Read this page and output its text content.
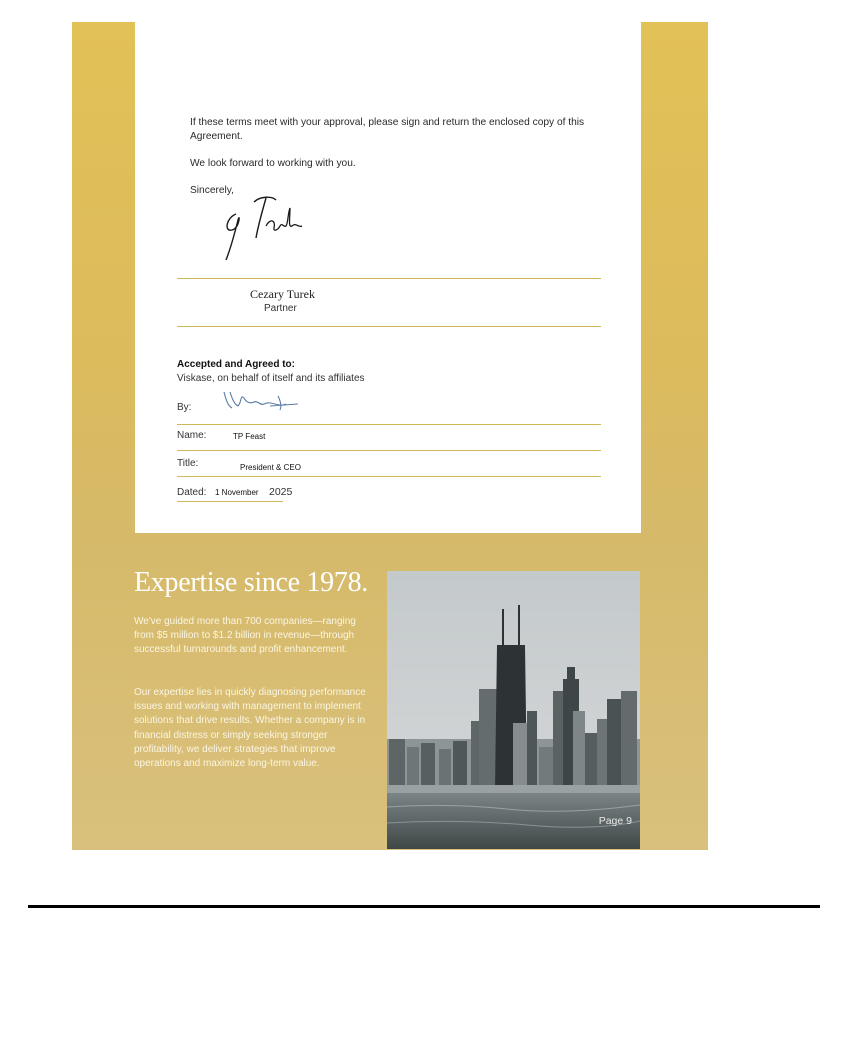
If these terms meet with your approval, please sign and return the enclosed copy of this Agreement.
We look forward to working with you.
Sincerely,
Cezary Turek
Partner
Accepted and Agreed to:
Viskase, on behalf of itself and its affiliates
By:
Name:	TP Feast
Title:	President & CEO
Dated: 1 November 2025
Expertise since 1978.
We've guided more than 700 companies—ranging from $5 million to $1.2 billion in revenue—through successful turnarounds and profit enhancement.
Our expertise lies in quickly diagnosing performance issues and working with management to implement solutions that drive results. Whether a company is in financial distress or simply seeking stronger profitability, we deliver strategies that improve operations and maximize long-term value.
Page 9
